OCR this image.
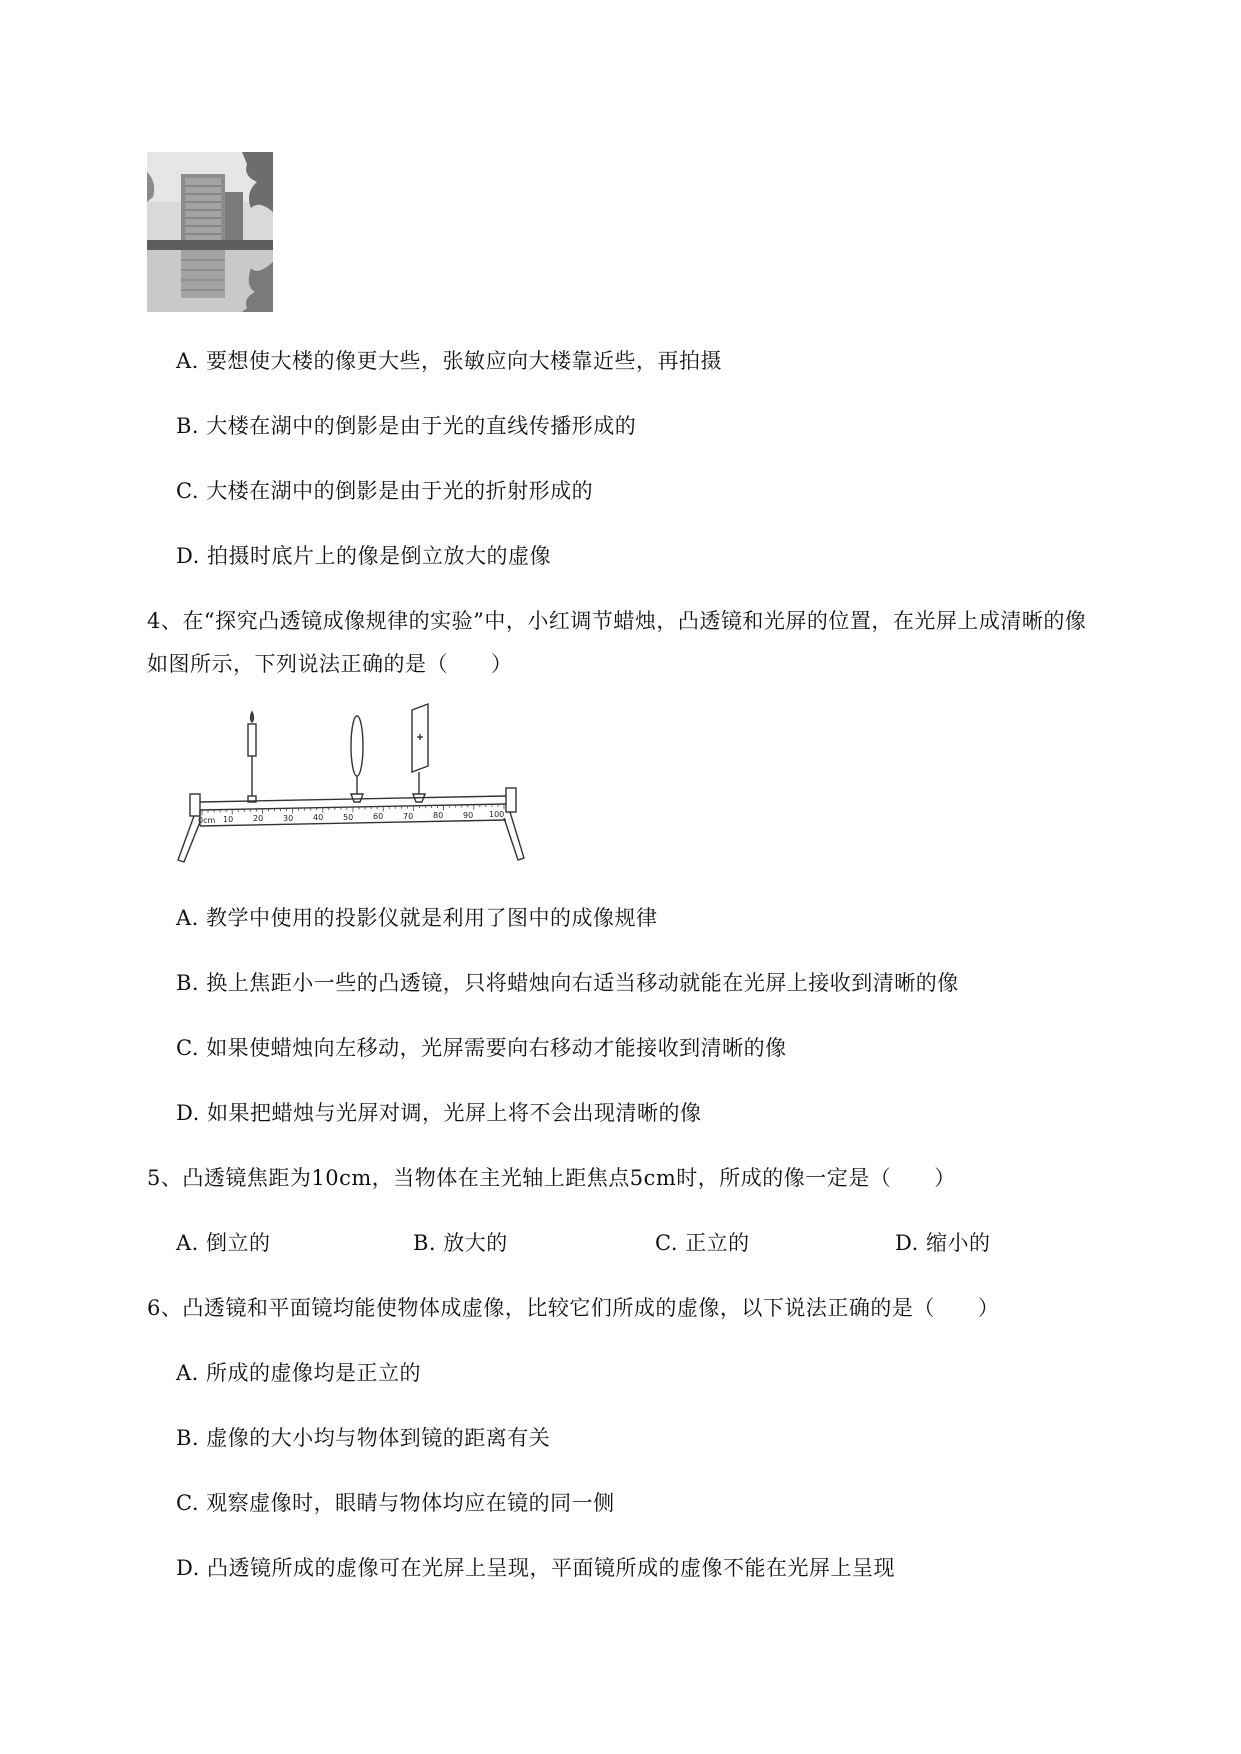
A. 要想使大楼的像更大些，张敏应向大楼靠近些，再拍摄
B. 大楼在湖中的倒影是由于光的直线传播形成的
C. 大楼在湖中的倒影是由于光的折射形成的
D. 拍摄时底片上的像是倒立放大的虚像
4、在“探究凸透镜成像规律的实验”中，小红调节蜡烛，凸透镜和光屏的位置，在光屏上成清晰的像
如图所示，下列说法正确的是（　　）
0cm 10 20 30 40 50 60 70 80 90 100
A. 教学中使用的投影仪就是利用了图中的成像规律
B. 换上焦距小一些的凸透镜，只将蜡烛向右适当移动就能在光屏上接收到清晰的像
C. 如果使蜡烛向左移动，光屏需要向右移动才能接收到清晰的像
D. 如果把蜡烛与光屏对调，光屏上将不会出现清晰的像
5、凸透镜焦距为10cm，当物体在主光轴上距焦点5cm时，所成的像一定是（　　）
A. 倒立的	B. 放大的	C. 正立的	D. 缩小的
6、凸透镜和平面镜均能使物体成虚像，比较它们所成的虚像，以下说法正确的是（　　）
A. 所成的虚像均是正立的
B. 虚像的大小均与物体到镜的距离有关
C. 观察虚像时，眼睛与物体均应在镜的同一侧
D. 凸透镜所成的虚像可在光屏上呈现，平面镜所成的虚像不能在光屏上呈现
